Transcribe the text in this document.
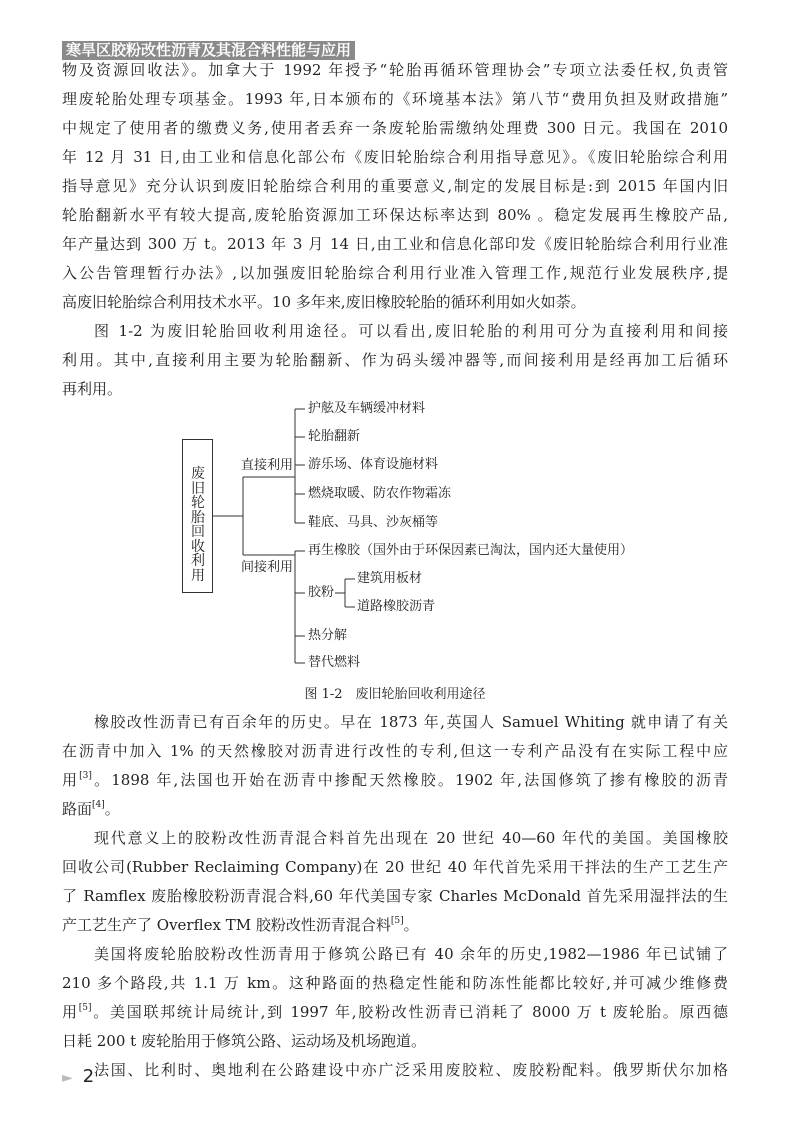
寒旱区胶粉改性沥青及其混合料性能与应用
物及资源回收法》。加拿大于 1992 年授予“轮胎再循环管理协会”专项立法委任权,负责管
理废轮胎处理专项基金。1993 年,日本颁布的《环境基本法》第八节“费用负担及财政措施”
中规定了使用者的缴费义务,使用者丢弃一条废轮胎需缴纳处理费 300 日元。我国在 2010
年 12 月 31 日,由工业和信息化部公布《废旧轮胎综合利用指导意见》。《废旧轮胎综合利用
指导意见》充分认识到废旧轮胎综合利用的重要意义,制定的发展目标是:到 2015 年国内旧
轮胎翻新水平有较大提高,废轮胎资源加工环保达标率达到 80% 。稳定发展再生橡胶产品,
年产量达到 300 万 t。2013 年 3 月 14 日,由工业和信息化部印发《废旧轮胎综合利用行业准
入公告管理暂行办法》,以加强废旧轮胎综合利用行业准入管理工作,规范行业发展秩序,提
高废旧轮胎综合利用技术水平。10 多年来,废旧橡胶轮胎的循环利用如火如荼。
图 1-2 为废旧轮胎回收利用途径。可以看出,废旧轮胎的利用可分为直接利用和间接
利用。其中,直接利用主要为轮胎翻新、作为码头缓冲器等,而间接利用是经再加工后循环
再利用。
废旧轮胎回收利用
直接利用
间接利用
护舷及车辆缓冲材料
轮胎翻新
游乐场、体育设施材料
燃烧取暖、防农作物霜冻
鞋底、马具、沙灰桶等
再生橡胶（国外由于环保因素已淘汰，国内还大量使用）
胶粉
热分解
替代燃料
建筑用板材
道路橡胶沥青
图 1-2　废旧轮胎回收利用途径
橡胶改性沥青已有百余年的历史。早在 1873 年,英国人 Samuel Whiting 就申请了有关
在沥青中加入 1% 的天然橡胶对沥青进行改性的专利,但这一专利产品没有在实际工程中应
用[3]。1898 年,法国也开始在沥青中掺配天然橡胶。1902 年,法国修筑了掺有橡胶的沥青
路面[4]。
现代意义上的胶粉改性沥青混合料首先出现在 20 世纪 40—60 年代的美国。美国橡胶
回收公司(Rubber Reclaiming Company)在 20 世纪 40 年代首先采用干拌法的生产工艺生产
了 Ramflex 废胎橡胶粉沥青混合料,60 年代美国专家 Charles McDonald 首先采用湿拌法的生
产工艺生产了 Overflex TM 胶粉改性沥青混合料[5]。
美国将废轮胎胶粉改性沥青用于修筑公路已有 40 余年的历史,1982—1986 年已试铺了
210 多个路段,共 1.1 万 km。这种路面的热稳定性能和防冻性能都比较好,并可减少维修费
用[5]。美国联邦统计局统计,到 1997 年,胶粉改性沥青已消耗了 8000 万 t 废轮胎。原西德
日耗 200 t 废轮胎用于修筑公路、运动场及机场跑道。
法国、比利时、奥地利在公路建设中亦广泛采用废胶粒、废胶粉配料。俄罗斯伏尔加格
► 2
